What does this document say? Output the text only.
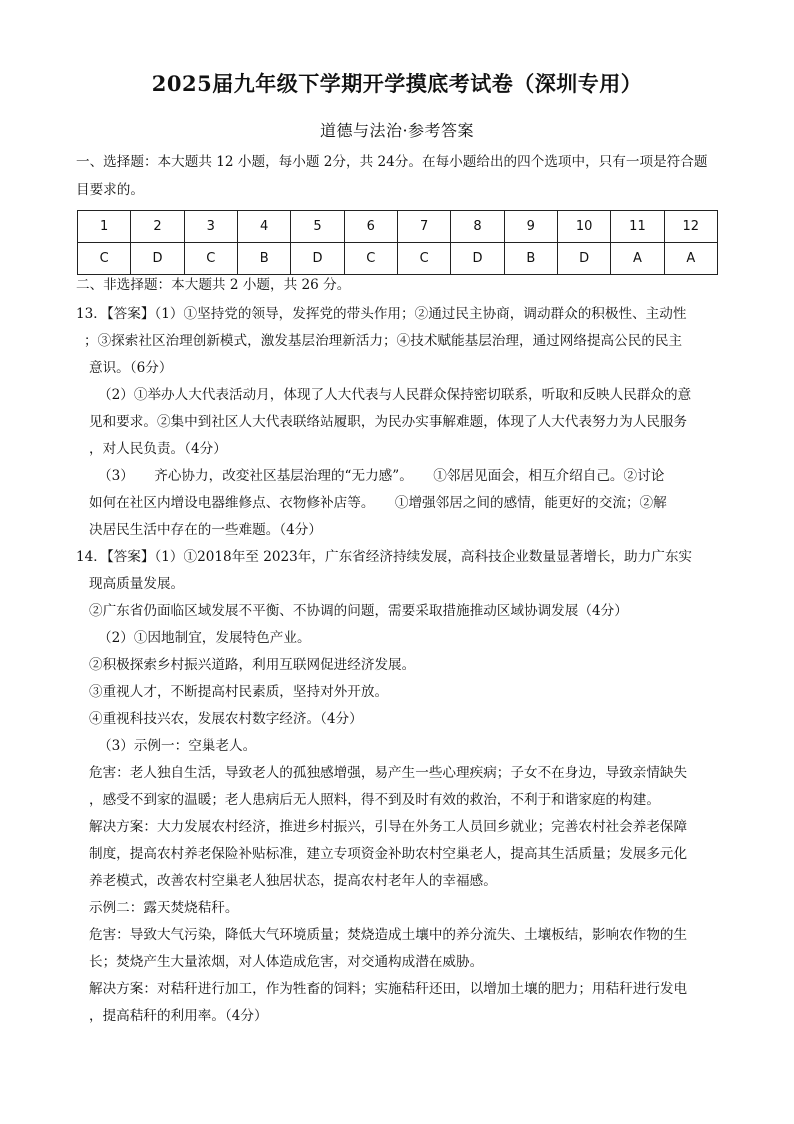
2025届九年级下学期开学摸底考试卷（深圳专用）
道德与法治·参考答案
一、选择题：本大题共 12 小题，每小题 2分，共 24分。在每小题给出的四个选项中，只有一项是符合题
目要求的。
1	2	3	4	5	6	7	8	9	10	11	12
C	D	C	B	D	C	C	D	B	D	A	A
二、非选择题：本大题共 2 小题，共 26 分。
13．【答案】（1）①坚持党的领导，发挥党的带头作用；②通过民主协商，调动群众的积极性、主动性
；③探索社区治理创新模式，激发基层治理新活力；④技术赋能基层治理，通过网络提高公民的民主
意识。（6分）
（2）①举办人大代表活动月，体现了人大代表与人民群众保持密切联系，听取和反映人民群众的意
见和要求。②集中到社区人大代表联络站履职，为民办实事解难题，体现了人大代表努力为人民服务
，对人民负责。（4分）
（3）　　齐心协力，改変社区基层治理的“无力感”。　　①邻居见面会，相互介绍自己。②讨论
如何在社区内增设电器维修点、衣物修补店等。　　①增强邻居之间的感情，能更好的交流；②解
决居民生活中存在的一些难题。（4分）
14．【答案】（1）①2018年至 2023年，广东省经济持续发展，高科技企业数量显著增长，助力广东实
现高质量发展。
②广东省仍面临区域发展不平衡、不协调的问题，需要采取措施推动区域协调发展（4分）
（2）①因地制宜，发展特色产业。
②积极探索乡村振兴道路，利用互联网促进经济发展。
③重视人才，不断提高村民素质，坚持对外开放。
④重视科技兴农，发展农村数字经济。（4分）
（3）示例一：空巢老人。
危害：老人独自生活，导致老人的孤独感增强，易产生一些心理疾病；子女不在身边，导致亲情缺失
，感受不到家的温暖；老人患病后无人照料，得不到及时有效的救治，不利于和谐家庭的构建。
解决方案：大力发展农村经济，推进乡村振兴，引导在外务工人员回乡就业；完善农村社会养老保障
制度，提高农村养老保险补贴标准，建立专项资金补助农村空巢老人，提高其生活质量；发展多元化
养老模式，改善农村空巢老人独居状态，提高农村老年人的幸福感。
示例二：露天焚烧秸秆。
危害：导致大气污染，降低大气环境质量；焚烧造成土壤中的养分流失、土壤板结，影响农作物的生
长；焚烧产生大量浓烟，对人体造成危害，对交通构成潜在威胁。
解决方案：对秸秆进行加工，作为牲畜的饲料；实施秸秆还田，以增加土壤的肥力；用秸秆进行发电
，提高秸秆的利用率。（4分）
